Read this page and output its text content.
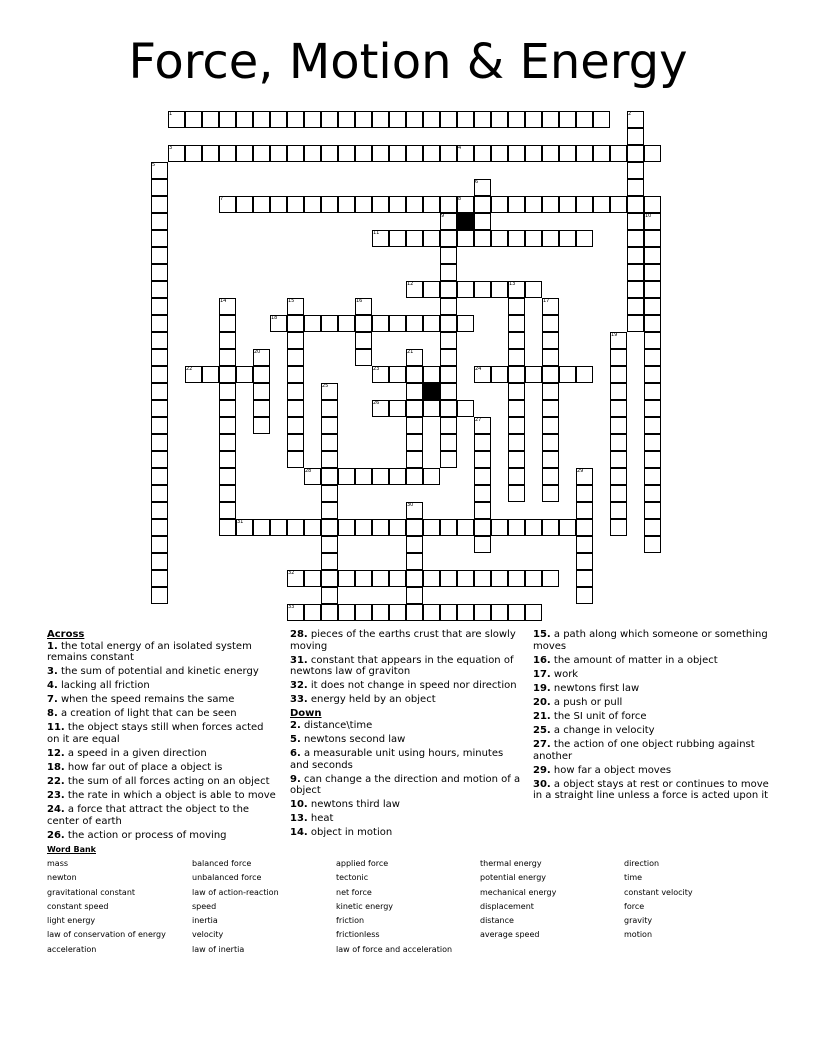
Force, Motion & Energy
1	2
3	4
5
6
7	8
9	10
11
12	13
14	15	16	17
18
19
20	21
22	23	24
25
26
27
28	29
30
31
32
33
Across
1. the total energy of an isolated system remains constant
3. the sum of potential and kinetic energy
4. lacking all friction
7. when the speed remains the same
8. a creation of light that can be seen
11. the object stays still when forces acted on it are equal
12. a speed in a given direction
18. how far out of place a object is
22. the sum of all forces acting on an object
23. the rate in which a object is able to move
24. a force that attract the object to the center of earth
26. the action or process of moving
28. pieces of the earths crust that are slowly moving
31. constant that appears in the equation of newtons law of graviton
32. it does not change in speed nor direction
33. energy held by an object
Down
2. distance\time
5. newtons second law
6. a measurable unit using hours, minutes and seconds
9. can change a the direction and motion of a object
10. newtons third law
13. heat
14. object in motion
15. a path along which someone or something moves
16. the amount of matter in a object
17. work
19. newtons first law
20. a push or pull
21. the SI unit of force
25. a change in velocity
27. the action of one object rubbing against another
29. how far a object moves
30. a object stays at rest or continues to move in a straight line unless a force is acted upon it
Word Bank
mass
newton
gravitational constant
constant speed
light energy
law of conservation of energy
acceleration
balanced force
unbalanced force
law of action-reaction
speed
inertia
velocity
law of inertia
applied force
tectonic
net force
kinetic energy
friction
frictionless
law of force and acceleration
thermal energy
potential energy
mechanical energy
displacement
distance
average speed
direction
time
constant velocity
force
gravity
motion
